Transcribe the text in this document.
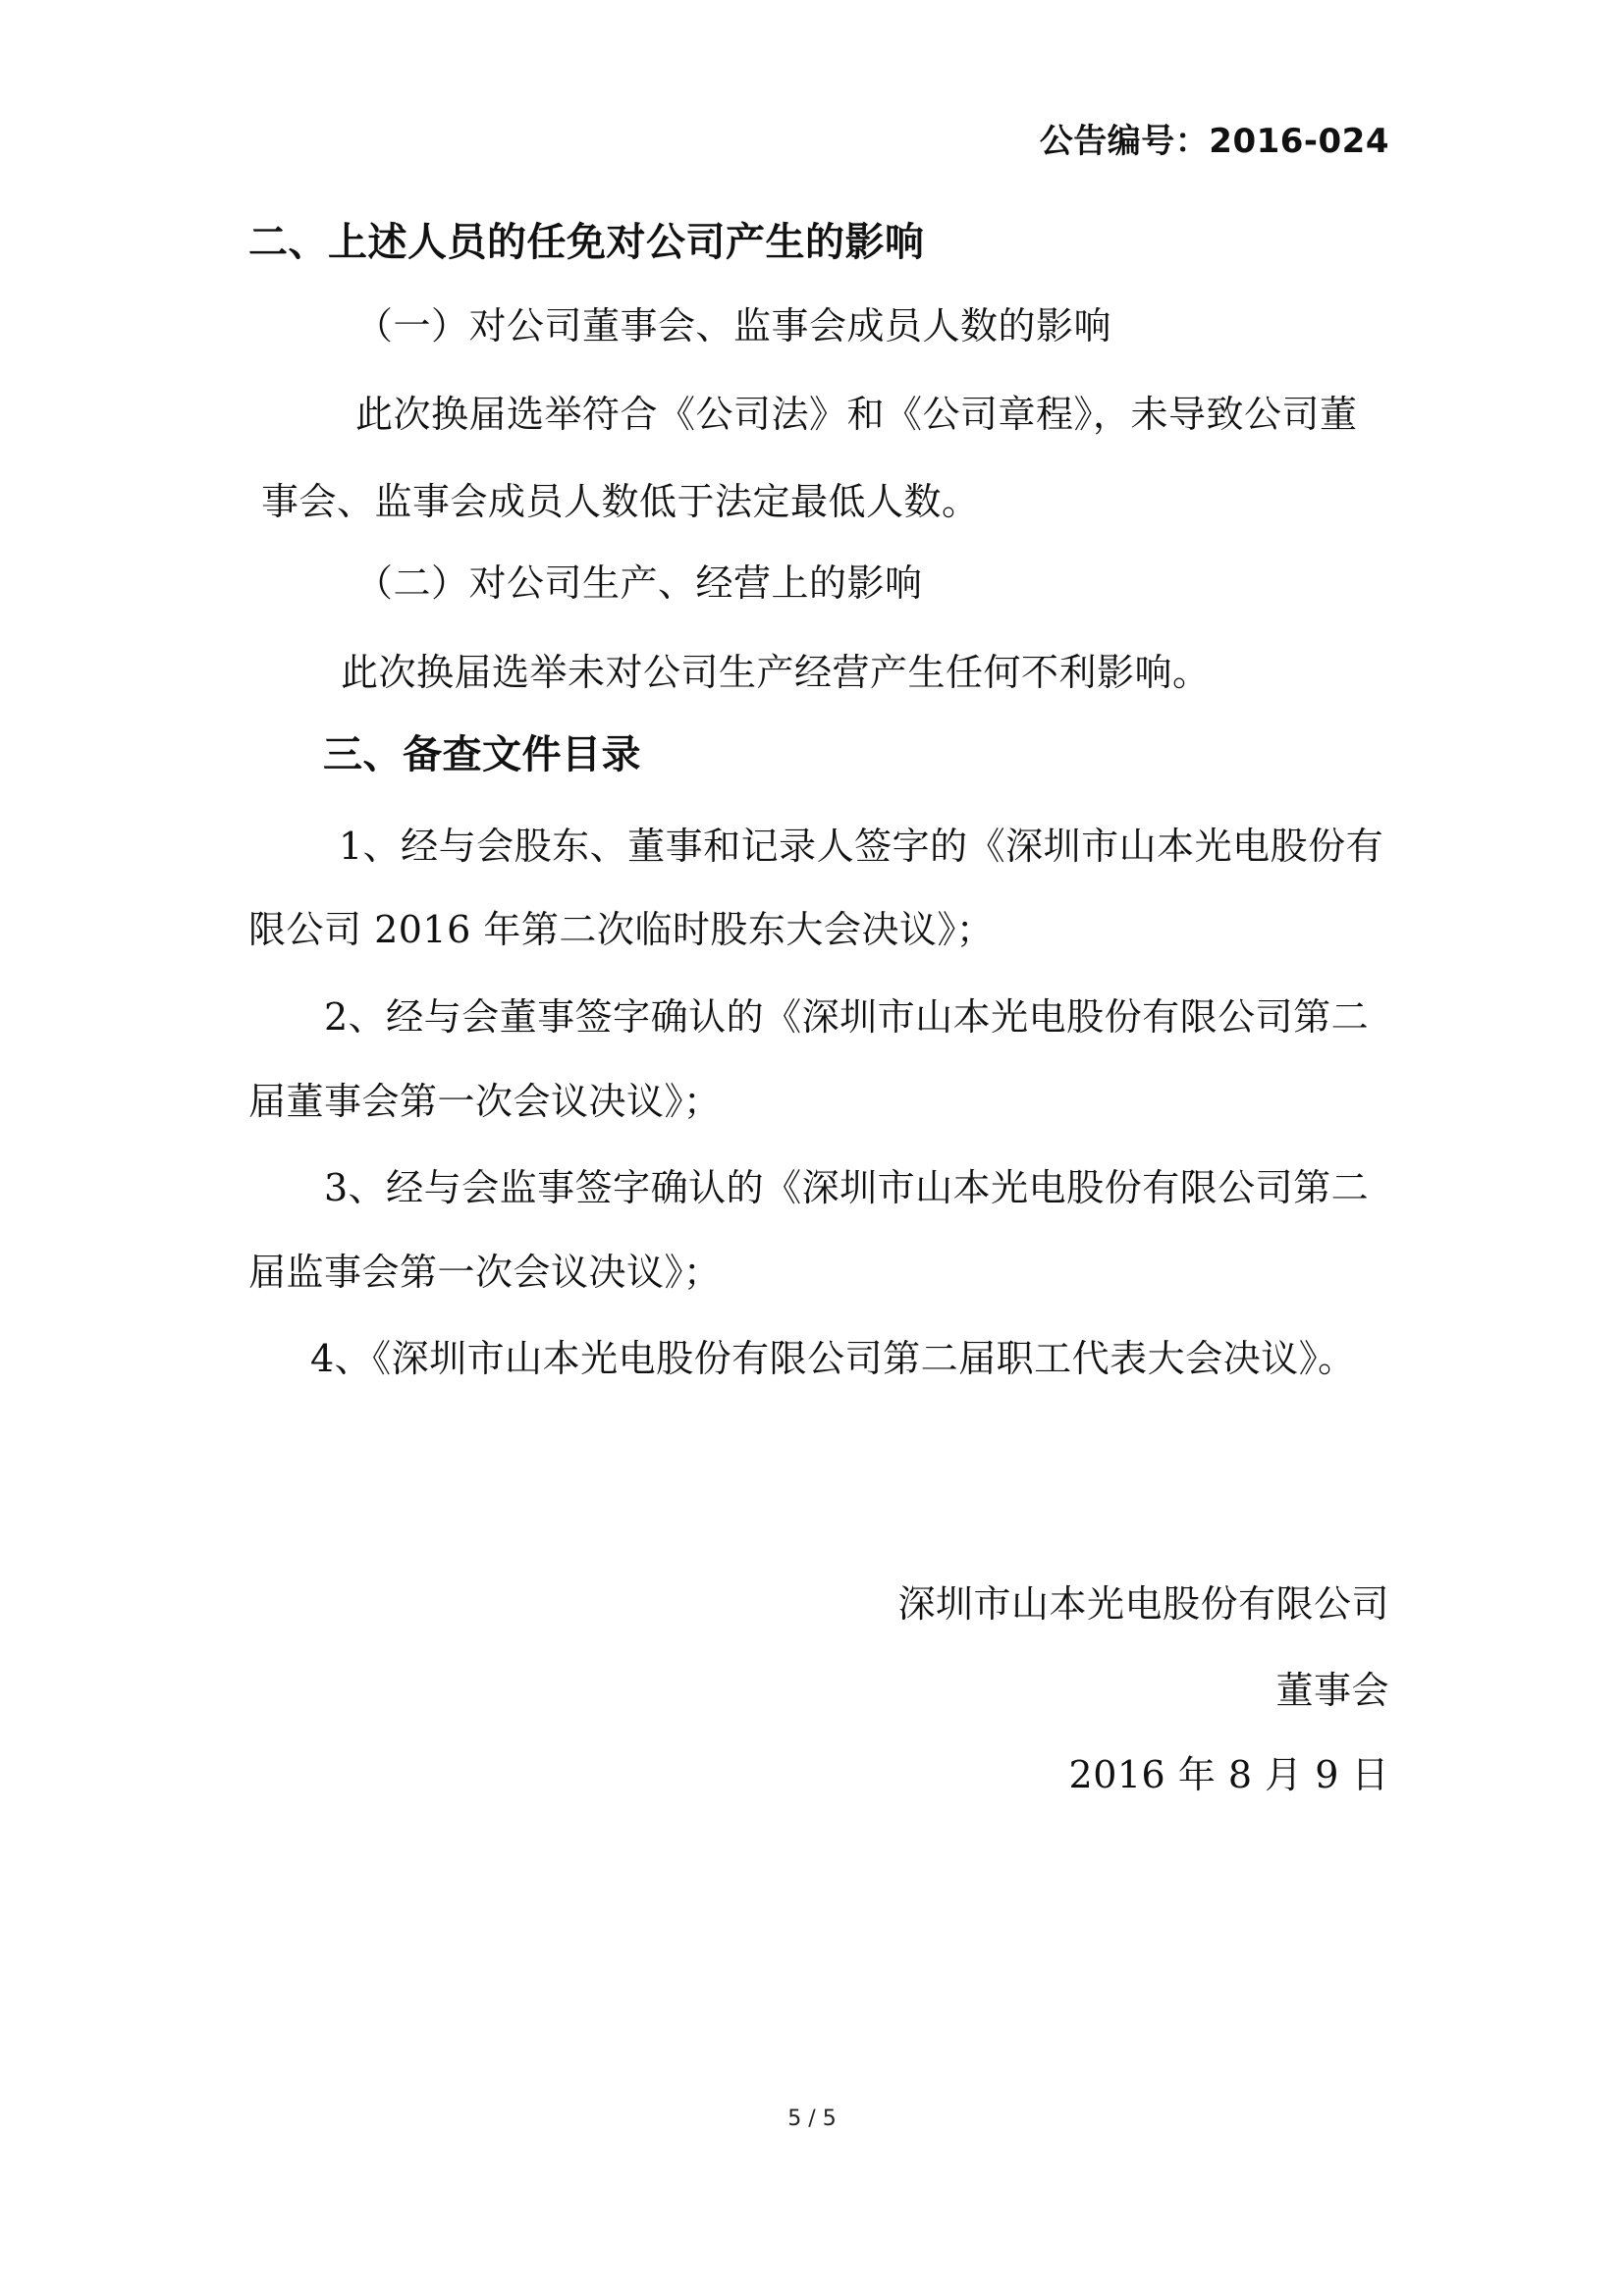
公告编号：2016-024
二、上述人员的任免对公司产生的影响
（一）对公司董事会、监事会成员人数的影响
此次换届选举符合《公司法》和《公司章程》，未导致公司董
事会、监事会成员人数低于法定最低人数。
（二）对公司生产、经营上的影响
此次换届选举未对公司生产经营产生任何不利影响。
三、备查文件目录
1、经与会股东、董事和记录人签字的《深圳市山本光电股份有
限公司 2016 年第二次临时股东大会决议》；
2、经与会董事签字确认的《深圳市山本光电股份有限公司第二
届董事会第一次会议决议》；
3、经与会监事签字确认的《深圳市山本光电股份有限公司第二
届监事会第一次会议决议》；
4、《深圳市山本光电股份有限公司第二届职工代表大会决议》。
深圳市山本光电股份有限公司
董事会
2016 年 8 月 9 日
5 / 5
